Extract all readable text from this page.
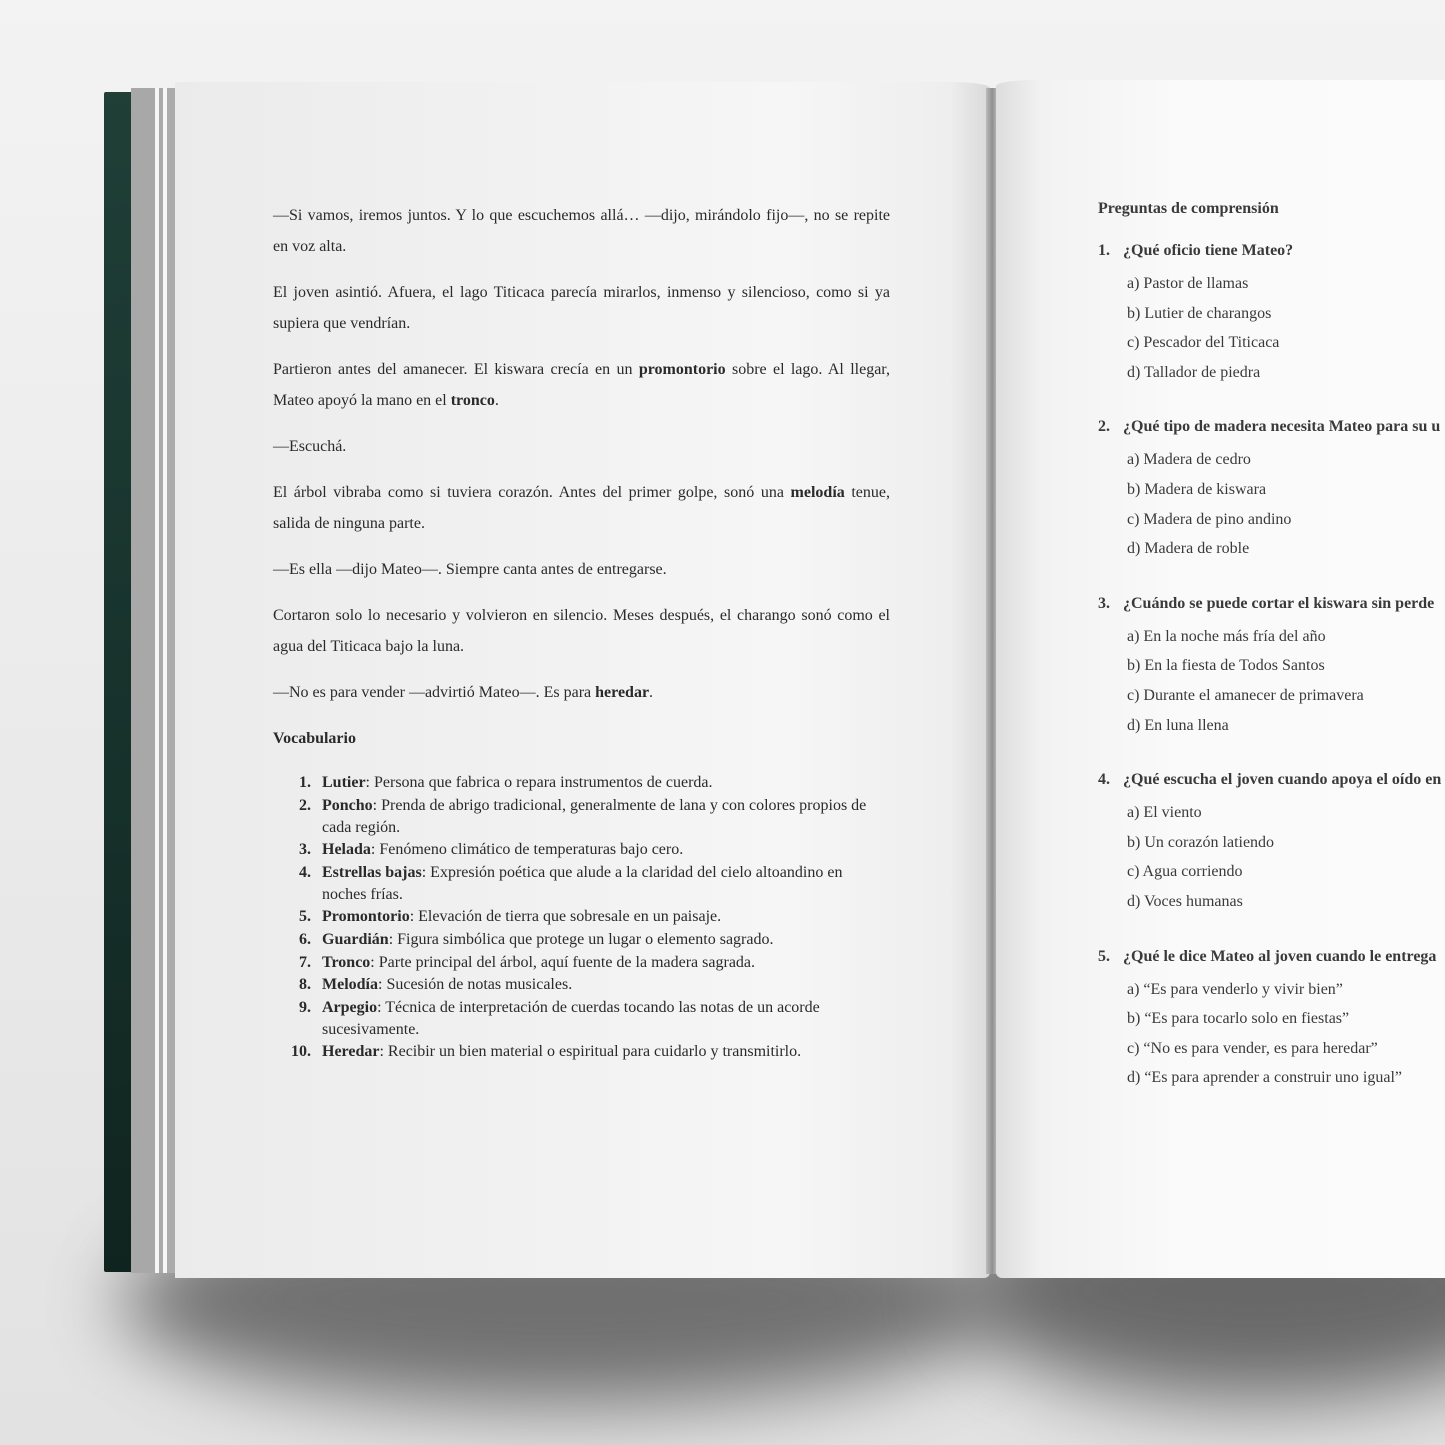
—Si vamos, iremos juntos. Y lo que escuchemos allá… —dijo, mirándolo fijo—, no se repite en voz alta.

El joven asintió. Afuera, el lago Titicaca parecía mirarlos, inmenso y silencioso, como si ya supiera que vendrían.

Partieron antes del amanecer. El kiswara crecía en un promontorio sobre el lago. Al llegar, Mateo apoyó la mano en el tronco.

—Escuchá.

El árbol vibraba como si tuviera corazón. Antes del primer golpe, sonó una melodía tenue, salida de ninguna parte.

—Es ella —dijo Mateo—. Siempre canta antes de entregarse.

Cortaron solo lo necesario y volvieron en silencio. Meses después, el charango sonó como el agua del Titicaca bajo la luna.

—No es para vender —advirtió Mateo—. Es para heredar.

Vocabulario
1. Lutier: Persona que fabrica o repara instrumentos de cuerda.
2. Poncho: Prenda de abrigo tradicional, generalmente de lana y con colores propios de cada región.
3. Helada: Fenómeno climático de temperaturas bajo cero.
4. Estrellas bajas: Expresión poética que alude a la claridad del cielo altoandino en noches frías.
5. Promontorio: Elevación de tierra que sobresale en un paisaje.
6. Guardián: Figura simbólica que protege un lugar o elemento sagrado.
7. Tronco: Parte principal del árbol, aquí fuente de la madera sagrada.
8. Melodía: Sucesión de notas musicales.
9. Arpegio: Técnica de interpretación de cuerdas tocando las notas de un acorde sucesivamente.
10. Heredar: Recibir un bien material o espiritual para cuidarlo y transmitirlo.
Preguntas de comprensión
1. ¿Qué oficio tiene Mateo?
a) Pastor de llamas
b) Lutier de charangos
c) Pescador del Titicaca
d) Tallador de piedra
2. ¿Qué tipo de madera necesita Mateo para su u
a) Madera de cedro
b) Madera de kiswara
c) Madera de pino andino
d) Madera de roble
3. ¿Cuándo se puede cortar el kiswara sin perde
a) En la noche más fría del año
b) En la fiesta de Todos Santos
c) Durante el amanecer de primavera
d) En luna llena
4. ¿Qué escucha el joven cuando apoya el oído en
a) El viento
b) Un corazón latiendo
c) Agua corriendo
d) Voces humanas
5. ¿Qué le dice Mateo al joven cuando le entrega
a) “Es para venderlo y vivir bien”
b) “Es para tocarlo solo en fiestas”
c) “No es para vender, es para heredar”
d) “Es para aprender a construir uno igual”
